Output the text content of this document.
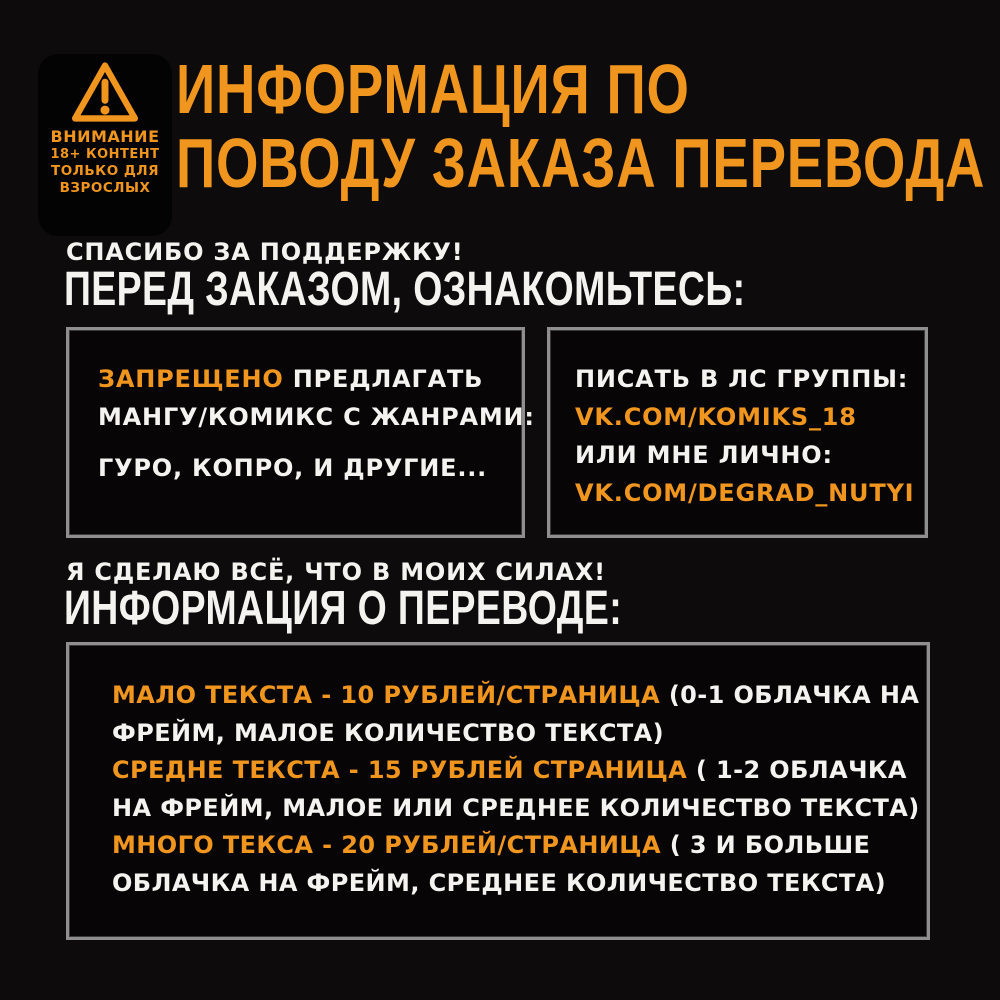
ВНИМАНИЕ
18+ КОНТЕНТ
ТОЛЬКО ДЛЯ
ВЗРОСЛЫХ
ИНФОРМАЦИЯ ПО
ПОВОДУ ЗАКАЗА ПЕРЕВОДА
СПАСИБО ЗА ПОДДЕРЖКУ!
ПЕРЕД ЗАКАЗОМ, ОЗНАКОМЬТЕСЬ:
ЗАПРЕЩЕНО ПРЕДЛАГАТЬ
МАНГУ/КОМИКС С ЖАНРАМИ:
ГУРО, КОПРО, И ДРУГИЕ...
ПИСАТЬ В ЛС ГРУППЫ:
VK.COM/KOMIKS_18
ИЛИ МНЕ ЛИЧНО:
VK.COM/DEGRAD_NUTYI
Я СДЕЛАЮ ВСЁ, ЧТО В МОИХ СИЛАХ!
ИНФОРМАЦИЯ О ПЕРЕВОДЕ:
МАЛО ТЕКСТА - 10 РУБЛЕЙ/СТРАНИЦА (0-1 ОБЛАЧКА НА
ФРЕЙМ, МАЛОЕ КОЛИЧЕСТВО ТЕКСТА)
СРЕДНЕ ТЕКСТА - 15 РУБЛЕЙ СТРАНИЦА ( 1-2 ОБЛАЧКА
НА ФРЕЙМ, МАЛОЕ ИЛИ СРЕДНЕЕ КОЛИЧЕСТВО ТЕКСТА)
МНОГО ТЕКСА - 20 РУБЛЕЙ/СТРАНИЦА ( 3 И БОЛЬШЕ
ОБЛАЧКА НА ФРЕЙМ, СРЕДНЕЕ КОЛИЧЕСТВО ТЕКСТА)
